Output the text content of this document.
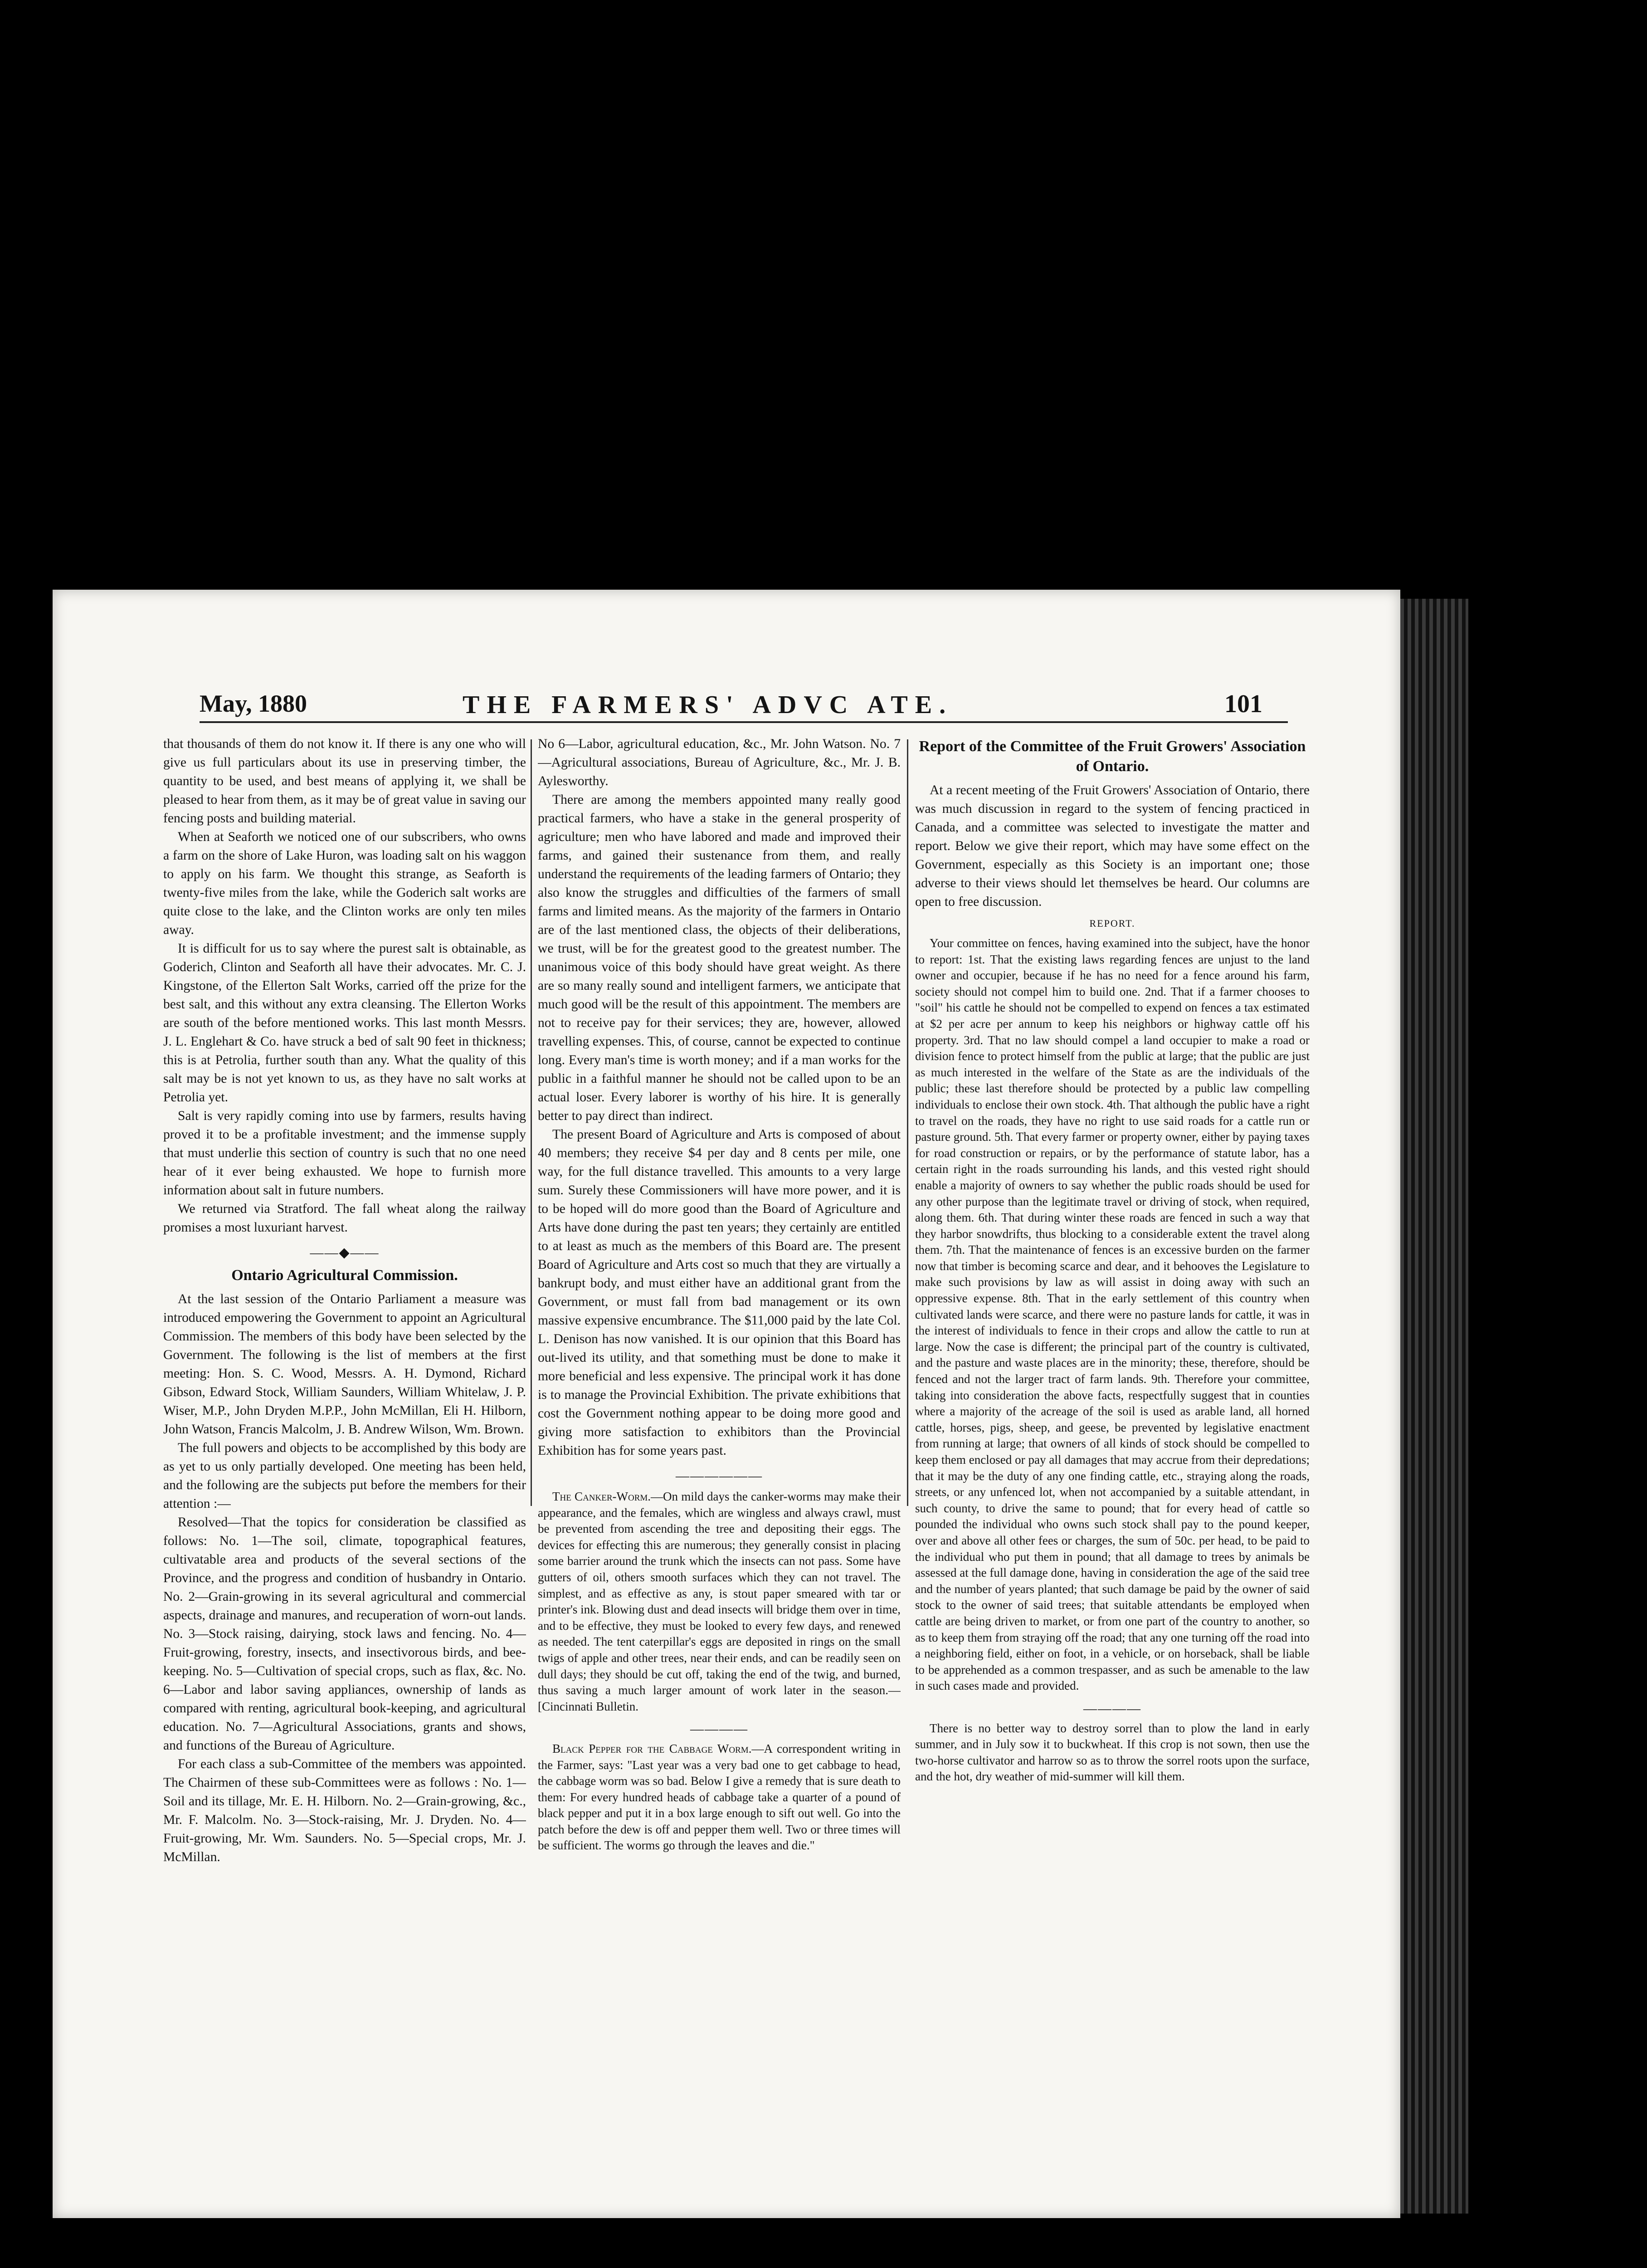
May, 1880	THE FARMERS' ADVC ATE.	101

that thousands of them do not know it. If there is any one who will give us full particulars about its use in preserving timber, the quantity to be used, and best means of applying it, we shall be pleased to hear from them, as it may be of great value in saving our fencing posts and building material.

When at Seaforth we noticed one of our subscribers, who owns a farm on the shore of Lake Huron, was loading salt on his waggon to apply on his farm. We thought this strange, as Seaforth is twenty-five miles from the lake, while the Goderich salt works are quite close to the lake, and the Clinton works are only ten miles away.

It is difficult for us to say where the purest salt is obtainable, as Goderich, Clinton and Seaforth all have their advocates. Mr. C. J. Kingstone, of the Ellerton Salt Works, carried off the prize for the best salt, and this without any extra cleansing. The Ellerton Works are south of the before mentioned works. This last month Messrs. J. L. Englehart & Co. have struck a bed of salt 90 feet in thickness; this is at Petrolia, further south than any. What the quality of this salt may be is not yet known to us, as they have no salt works at Petrolia yet.

Salt is very rapidly coming into use by farmers, results having proved it to be a profitable investment; and the immense supply that must underlie this section of country is such that no one need hear of it ever being exhausted. We hope to furnish more information about salt in future numbers.

We returned via Stratford. The fall wheat along the railway promises a most luxuriant harvest.

——◆——
Ontario Agricultural Commission.

At the last session of the Ontario Parliament a measure was introduced empowering the Government to appoint an Agricultural Commission. The members of this body have been selected by the Government. The following is the list of members at the first meeting: Hon. S. C. Wood, Messrs. A. H. Dymond, Richard Gibson, Edward Stock, William Saunders, William Whitelaw, J. P. Wiser, M.P., John Dryden M.P.P., John McMillan, Eli H. Hilborn, John Watson, Francis Malcolm, J. B. Andrew Wilson, Wm. Brown.

The full powers and objects to be accomplished by this body are as yet to us only partially developed. One meeting has been held, and the following are the subjects put before the members for their attention :—

Resolved—That the topics for consideration be classified as follows: No. 1—The soil, climate, topographical features, cultivatable area and products of the several sections of the Province, and the progress and condition of husbandry in Ontario. No. 2—Grain-growing in its several agricultural and commercial aspects, drainage and manures, and recuperation of worn-out lands. No. 3—Stock raising, dairying, stock laws and fencing. No. 4—Fruit-growing, forestry, insects, and insectivorous birds, and bee-keeping. No. 5—Cultivation of special crops, such as flax, &c. No. 6—Labor and labor saving appliances, ownership of lands as compared with renting, agricultural book-keeping, and agricultural education. No. 7—Agricultural Associations, grants and shows, and functions of the Bureau of Agriculture.

For each class a sub-Committee of the members was appointed. The Chairmen of these sub-Committees were as follows : No. 1—Soil and its tillage, Mr. E. H. Hilborn. No. 2—Grain-growing, &c., Mr. F. Malcolm. No. 3—Stock-raising, Mr. J. Dryden. No. 4—Fruit-growing, Mr. Wm. Saunders. No. 5—Special crops, Mr. J. McMillan.

No 6—Labor, agricultural education, &c., Mr. John Watson. No. 7—Agricultural associations, Bureau of Agriculture, &c., Mr. J. B. Aylesworthy.

There are among the members appointed many really good practical farmers, who have a stake in the general prosperity of agriculture; men who have labored and made and improved their farms, and gained their sustenance from them, and really understand the requirements of the leading farmers of Ontario; they also know the struggles and difficulties of the farmers of small farms and limited means. As the majority of the farmers in Ontario are of the last mentioned class, the objects of their deliberations, we trust, will be for the greatest good to the greatest number. The unanimous voice of this body should have great weight. As there are so many really sound and intelligent farmers, we anticipate that much good will be the result of this appointment. The members are not to receive pay for their services; they are, however, allowed travelling expenses. This, of course, cannot be expected to continue long. Every man's time is worth money; and if a man works for the public in a faithful manner he should not be called upon to be an actual loser. Every laborer is worthy of his hire. It is generally better to pay direct than indirect.

The present Board of Agriculture and Arts is composed of about 40 members; they receive $4 per day and 8 cents per mile, one way, for the full distance travelled. This amounts to a very large sum. Surely these Commissioners will have more power, and it is to be hoped will do more good than the Board of Agriculture and Arts have done during the past ten years; they certainly are entitled to at least as much as the members of this Board are. The present Board of Agriculture and Arts cost so much that they are virtually a bankrupt body, and must either have an additional grant from the Government, or must fall from bad management or its own massive expensive encumbrance. The $11,000 paid by the late Col. L. Denison has now vanished. It is our opinion that this Board has out-lived its utility, and that something must be done to make it more beneficial and less expensive. The principal work it has done is to manage the Provincial Exhibition. The private exhibitions that cost the Government nothing appear to be doing more good and giving more satisfaction to exhibitors than the Provincial Exhibition has for some years past.

——————

The Canker-Worm.—On mild days the canker-worms may make their appearance, and the females, which are wingless and always crawl, must be prevented from ascending the tree and depositing their eggs. The devices for effecting this are numerous; they generally consist in placing some barrier around the trunk which the insects can not pass. Some have gutters of oil, others smooth surfaces which they can not travel. The simplest, and as effective as any, is stout paper smeared with tar or printer's ink. Blowing dust and dead insects will bridge them over in time, and to be effective, they must be looked to every few days, and renewed as needed. The tent caterpillar's eggs are deposited in rings on the small twigs of apple and other trees, near their ends, and can be readily seen on dull days; they should be cut off, taking the end of the twig, and burned, thus saving a much larger amount of work later in the season.—[Cincinnati Bulletin.

————

Black Pepper for the Cabbage Worm.—A correspondent writing in the Farmer, says: "Last year was a very bad one to get cabbage to head, the cabbage worm was so bad. Below I give a remedy that is sure death to them: For every hundred heads of cabbage take a quarter of a pound of black pepper and put it in a box large enough to sift out well. Go into the patch before the dew is off and pepper them well. Two or three times will be sufficient. The worms go through the leaves and die."

Report of the Committee of the Fruit Growers' Association of Ontario.

At a recent meeting of the Fruit Growers' Association of Ontario, there was much discussion in regard to the system of fencing practiced in Canada, and a committee was selected to investigate the matter and report. Below we give their report, which may have some effect on the Government, especially as this Society is an important one; those adverse to their views should let themselves be heard. Our columns are open to free discussion.

REPORT.

Your committee on fences, having examined into the subject, have the honor to report: 1st. That the existing laws regarding fences are unjust to the land owner and occupier, because if he has no need for a fence around his farm, society should not compel him to build one. 2nd. That if a farmer chooses to "soil" his cattle he should not be compelled to expend on fences a tax estimated at $2 per acre per annum to keep his neighbors or highway cattle off his property. 3rd. That no law should compel a land occupier to make a road or division fence to protect himself from the public at large; that the public are just as much interested in the welfare of the State as are the individuals of the public; these last therefore should be protected by a public law compelling individuals to enclose their own stock. 4th. That although the public have a right to travel on the roads, they have no right to use said roads for a cattle run or pasture ground. 5th. That every farmer or property owner, either by paying taxes for road construction or repairs, or by the performance of statute labor, has a certain right in the roads surrounding his lands, and this vested right should enable a majority of owners to say whether the public roads should be used for any other purpose than the legitimate travel or driving of stock, when required, along them. 6th. That during winter these roads are fenced in such a way that they harbor snowdrifts, thus blocking to a considerable extent the travel along them. 7th. That the maintenance of fences is an excessive burden on the farmer now that timber is becoming scarce and dear, and it behooves the Legislature to make such provisions by law as will assist in doing away with such an oppressive expense. 8th. That in the early settlement of this country when cultivated lands were scarce, and there were no pasture lands for cattle, it was in the interest of individuals to fence in their crops and allow the cattle to run at large. Now the case is different; the principal part of the country is cultivated, and the pasture and waste places are in the minority; these, therefore, should be fenced and not the larger tract of farm lands. 9th. Therefore your committee, taking into consideration the above facts, respectfully suggest that in counties where a majority of the acreage of the soil is used as arable land, all horned cattle, horses, pigs, sheep, and geese, be prevented by legislative enactment from running at large; that owners of all kinds of stock should be compelled to keep them enclosed or pay all damages that may accrue from their depredations; that it may be the duty of any one finding cattle, etc., straying along the roads, streets, or any unfenced lot, when not accompanied by a suitable attendant, in such county, to drive the same to pound; that for every head of cattle so pounded the individual who owns such stock shall pay to the pound keeper, over and above all other fees or charges, the sum of 50c. per head, to be paid to the individual who put them in pound; that all damage to trees by animals be assessed at the full damage done, having in consideration the age of the said tree and the number of years planted; that such damage be paid by the owner of said stock to the owner of said trees; that suitable attendants be employed when cattle are being driven to market, or from one part of the country to another, so as to keep them from straying off the road; that any one turning off the road into a neighboring field, either on foot, in a vehicle, or on horseback, shall be liable to be apprehended as a common trespasser, and as such be amenable to the law in such cases made and provided.

————

There is no better way to destroy sorrel than to plow the land in early summer, and in July sow it to buckwheat. If this crop is not sown, then use the two-horse cultivator and harrow so as to throw the sorrel roots upon the surface, and the hot, dry weather of mid-summer will kill them.
